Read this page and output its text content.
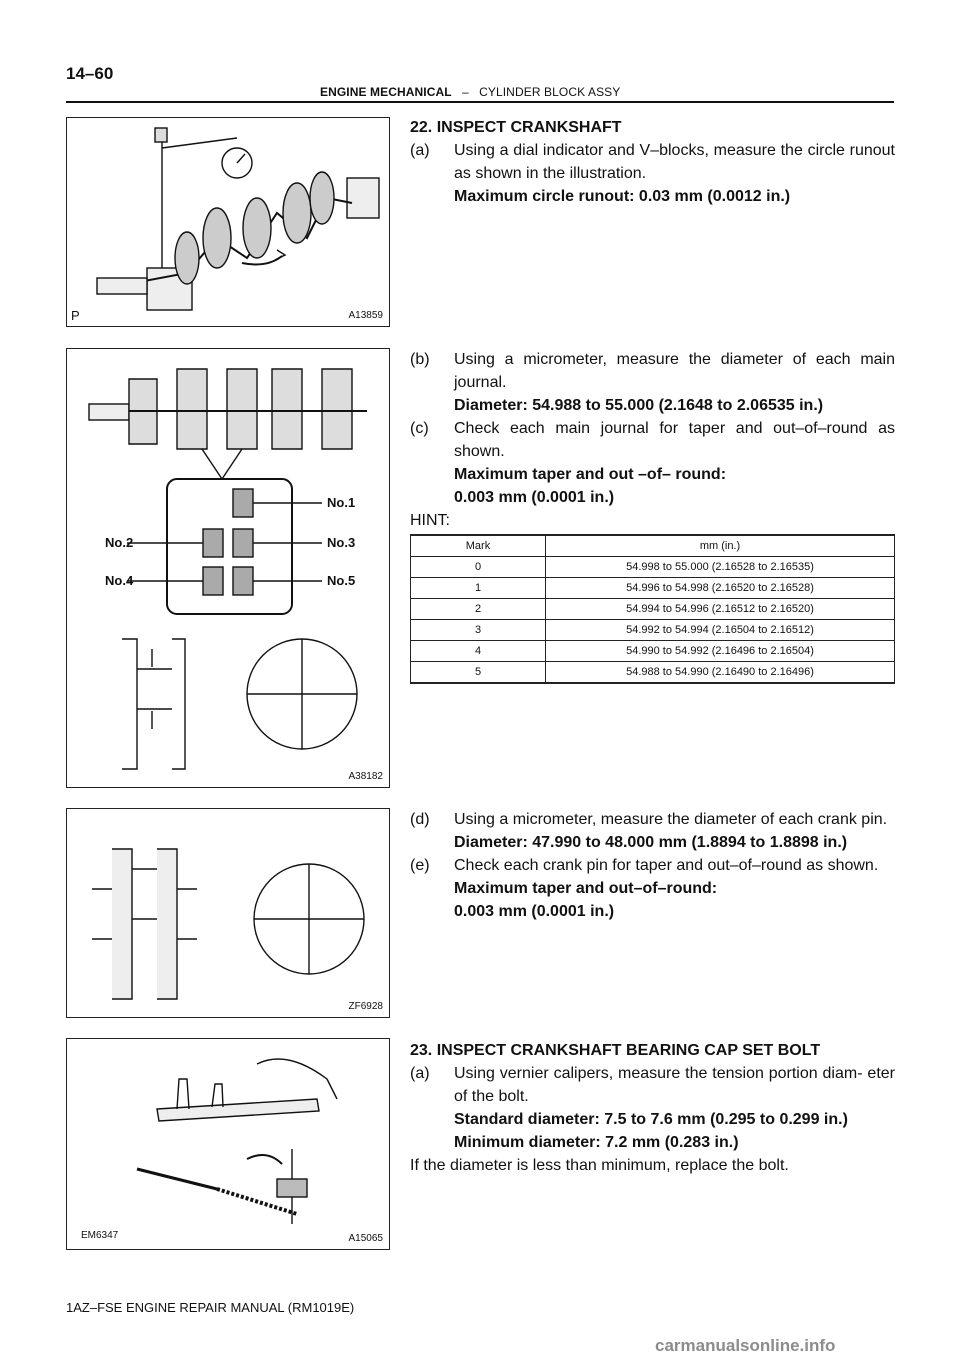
14–60
ENGINE MECHANICAL – CYLINDER BLOCK ASSY
P	A13859
No.1
No.2	No.3
No.4	No.5
A38182
ZF6928
EM6347	A15065
22. INSPECT CRANKSHAFT
(a)	Using a dial indicator and V–blocks, measure the circle runout as shown in the illustration.
Maximum circle runout: 0.03 mm (0.0012 in.)
(b)	Using a micrometer, measure the diameter of each main journal.
Diameter: 54.988 to 55.000 (2.1648 to 2.06535 in.)
(c)	Check each main journal for taper and out–of–round as shown.
Maximum taper and out –of– round:
0.003 mm (0.0001 in.)
HINT:
Mark	mm (in.)
0	54.998 to 55.000 (2.16528 to 2.16535)
1	54.996 to 54.998 (2.16520 to 2.16528)
2	54.994 to 54.996 (2.16512 to 2.16520)
3	54.992 to 54.994 (2.16504 to 2.16512)
4	54.990 to 54.992 (2.16496 to 2.16504)
5	54.988 to 54.990 (2.16490 to 2.16496)
(d)	Using a micrometer, measure the diameter of each crank pin.
Diameter: 47.990 to 48.000 mm (1.8894 to 1.8898 in.)
(e)	Check each crank pin for taper and out–of–round as shown.
Maximum taper and out–of–round:
0.003 mm (0.0001 in.)
23. INSPECT CRANKSHAFT BEARING CAP SET BOLT
(a)	Using vernier calipers, measure the tension portion diam- eter of the bolt.
Standard diameter: 7.5 to 7.6 mm (0.295 to 0.299 in.)
Minimum diameter: 7.2 mm (0.283 in.)
If the diameter is less than minimum, replace the bolt.
1AZ–FSE ENGINE REPAIR MANUAL (RM1019E)
carmanualsonline.info
